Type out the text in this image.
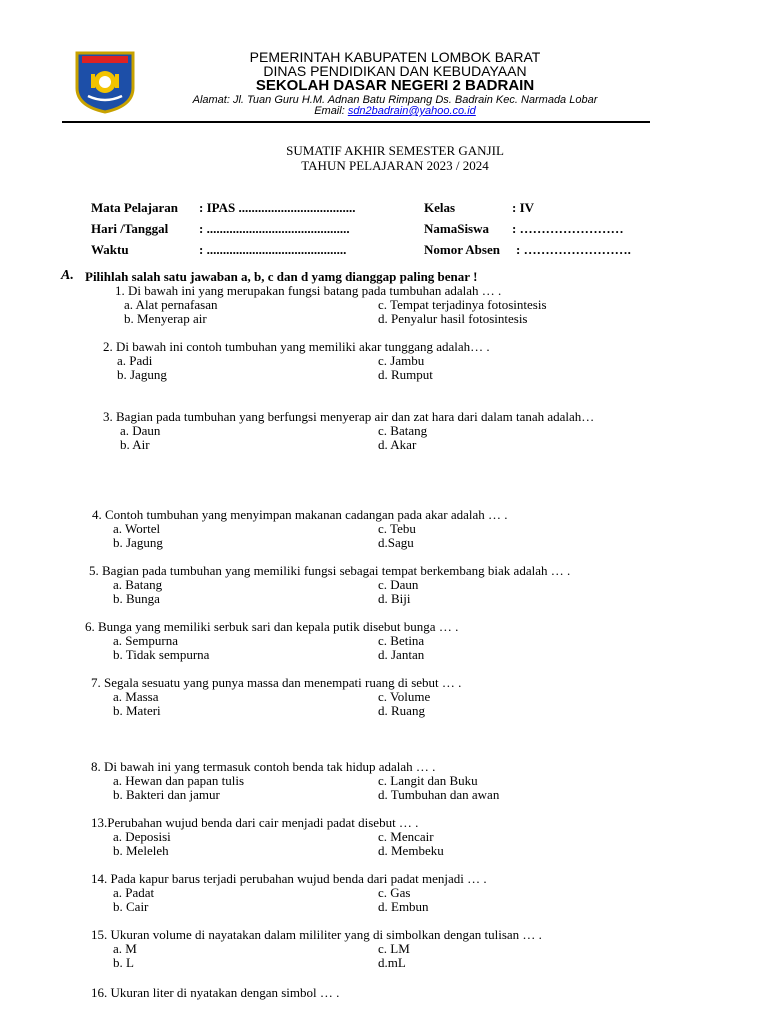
PEMERINTAH KABUPATEN LOMBOK BARAT
DINAS PENDIDIKAN DAN KEBUDAYAAN
SEKOLAH DASAR NEGERI 2 BADRAIN
Alamat: Jl. Tuan Guru H.M. Adnan Batu Rimpang Ds. Badrain Kec. Narmada Lobar
Email: sdn2badrain@yahoo.co.id
SUMATIF AKHIR SEMESTER GANJIL
TAHUN PELAJARAN 2023 / 2024
Mata Pelajaran : IPAS ....................................
Hari /Tanggal : ............................................
Waktu	: ...........................................
Kelas	: IV
NamaSiswa : ……………………
Nomor Absen : …………………….
A. Pilihlah salah satu jawaban a, b, c dan d yamg dianggap paling benar !
1. Di bawah ini yang merupakan fungsi batang pada tumbuhan adalah … .
a. Alat pernafasan
b. Menyerap air
c. Tempat terjadinya fotosintesis
d. Penyalur hasil fotosintesis
2. Di bawah ini contoh tumbuhan yang memiliki akar tunggang adalah… .
a. Padi
b. Jagung
c. Jambu
d. Rumput
3. Bagian pada tumbuhan yang berfungsi menyerap air dan zat hara dari dalam tanah adalah…
a. Daun
b. Air
c. Batang
d. Akar
4. Contoh tumbuhan yang menyimpan makanan cadangan pada akar adalah … .
a. Wortel
b. Jagung
c. Tebu
d.Sagu
5. Bagian pada tumbuhan yang memiliki fungsi sebagai tempat berkembang biak adalah … .
a. Batang
b. Bunga
c. Daun
d. Biji
6. Bunga yang memiliki serbuk sari dan kepala putik disebut bunga … .
a. Sempurna
b. Tidak sempurna
c. Betina
d. Jantan
7. Segala sesuatu yang punya massa dan menempati ruang di sebut … .
a. Massa
b. Materi
c. Volume
d. Ruang
8. Di bawah ini yang termasuk contoh benda tak hidup adalah … .
a. Hewan dan papan tulis
b. Bakteri dan jamur
c. Langit dan Buku
d. Tumbuhan dan awan
13.Perubahan wujud benda dari cair menjadi padat disebut … .
a. Deposisi
b. Meleleh
c. Mencair
d. Membeku
14. Pada kapur barus terjadi perubahan wujud benda dari padat menjadi … .
a. Padat
b. Cair
c. Gas
d. Embun
15. Ukuran volume di nayatakan dalam mililiter yang di simbolkan dengan tulisan … .
a. M
b. L
c. LM
d.mL
16. Ukuran liter di nyatakan dengan simbol … .
